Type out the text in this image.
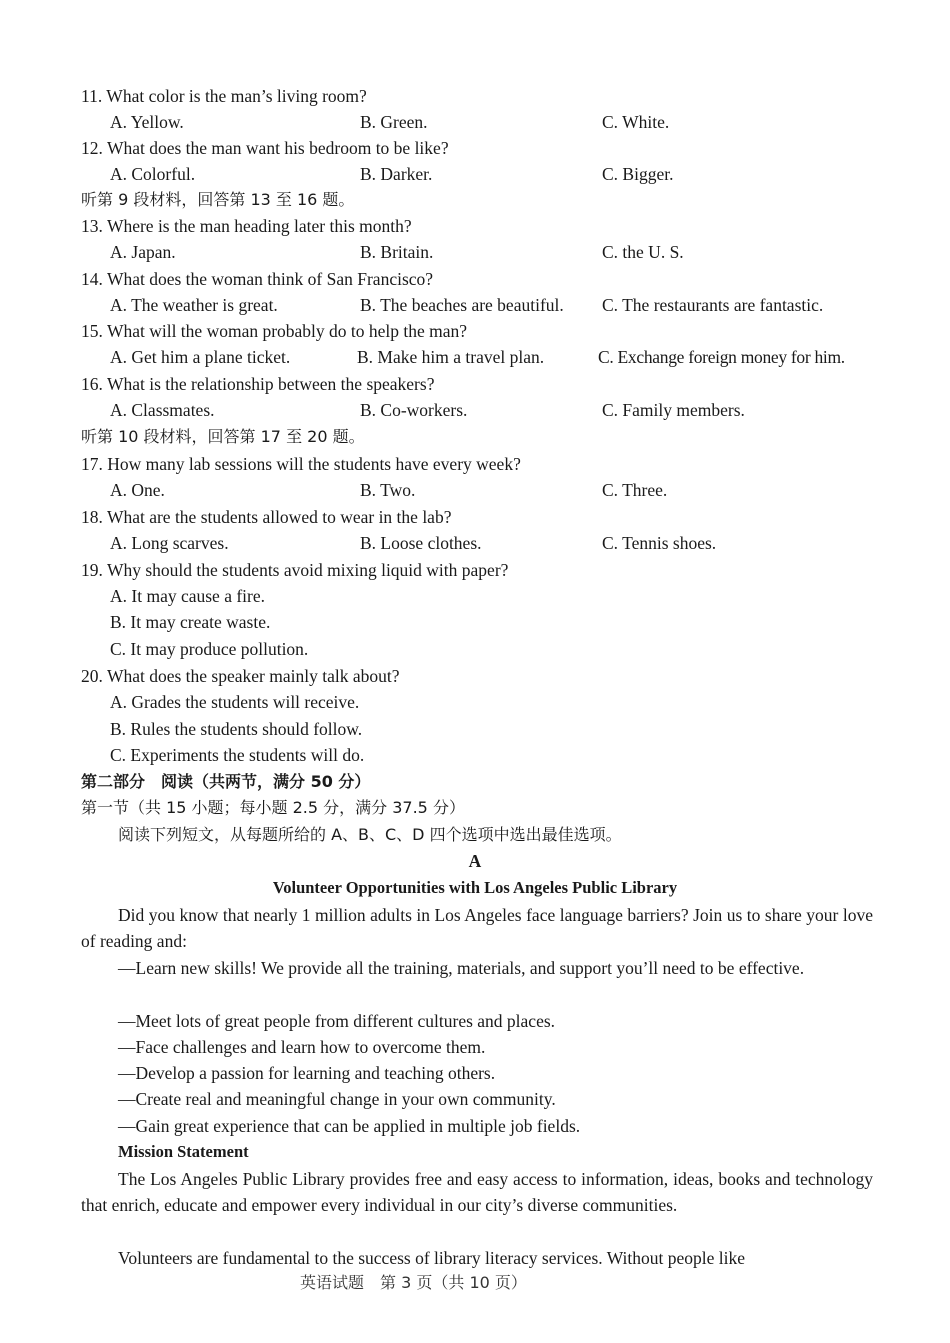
11. What color is the man’s living room?
A. Yellow.	B. Green.	C. White.
12. What does the man want his bedroom to be like?
A. Colorful.	B. Darker.	C. Bigger.
听第 9 段材料，回答第 13 至 16 题。
13. Where is the man heading later this month?
A. Japan.	B. Britain.	C. the U. S.
14. What does the woman think of San Francisco?
A. The weather is great.	B. The beaches are beautiful. C. The restaurants are fantastic.
15. What will the woman probably do to help the man?
A. Get him a plane ticket.	B. Make him a travel plan.	C. Exchange foreign money for him.
16. What is the relationship between the speakers?
A. Classmates.	B. Co-workers.	C. Family members.
听第 10 段材料，回答第 17 至 20 题。
17. How many lab sessions will the students have every week?
A. One.	B. Two.	C. Three.
18. What are the students allowed to wear in the lab?
A. Long scarves.	B. Loose clothes.	C. Tennis shoes.
19. Why should the students avoid mixing liquid with paper?
A. It may cause a fire.
B. It may create waste.
C. It may produce pollution.
20. What does the speaker mainly talk about?
A. Grades the students will receive.
B. Rules the students should follow.
C. Experiments the students will do.
第二部分　阅读（共两节，满分 50 分）
第一节（共 15 小题；每小题 2.5 分，满分 37.5 分）
阅读下列短文，从每题所给的 A、B、C、D 四个选项中选出最佳选项。
A
Volunteer Opportunities with Los Angeles Public Library
Did you know that nearly 1 million adults in Los Angeles face language barriers? Join us to share your love of reading and:
—Learn new skills! We provide all the training, materials, and support you’ll need to be effective.
—Meet lots of great people from different cultures and places.
—Face challenges and learn how to overcome them.
—Develop a passion for learning and teaching others.
—Create real and meaningful change in your own community.
—Gain great experience that can be applied in multiple job fields.
Mission Statement
The Los Angeles Public Library provides free and easy access to information, ideas, books and technology that enrich, educate and empower every individual in our city’s diverse communities.
Volunteers are fundamental to the success of library literacy services. Without people like
英语试题　第 3 页（共 10 页）
